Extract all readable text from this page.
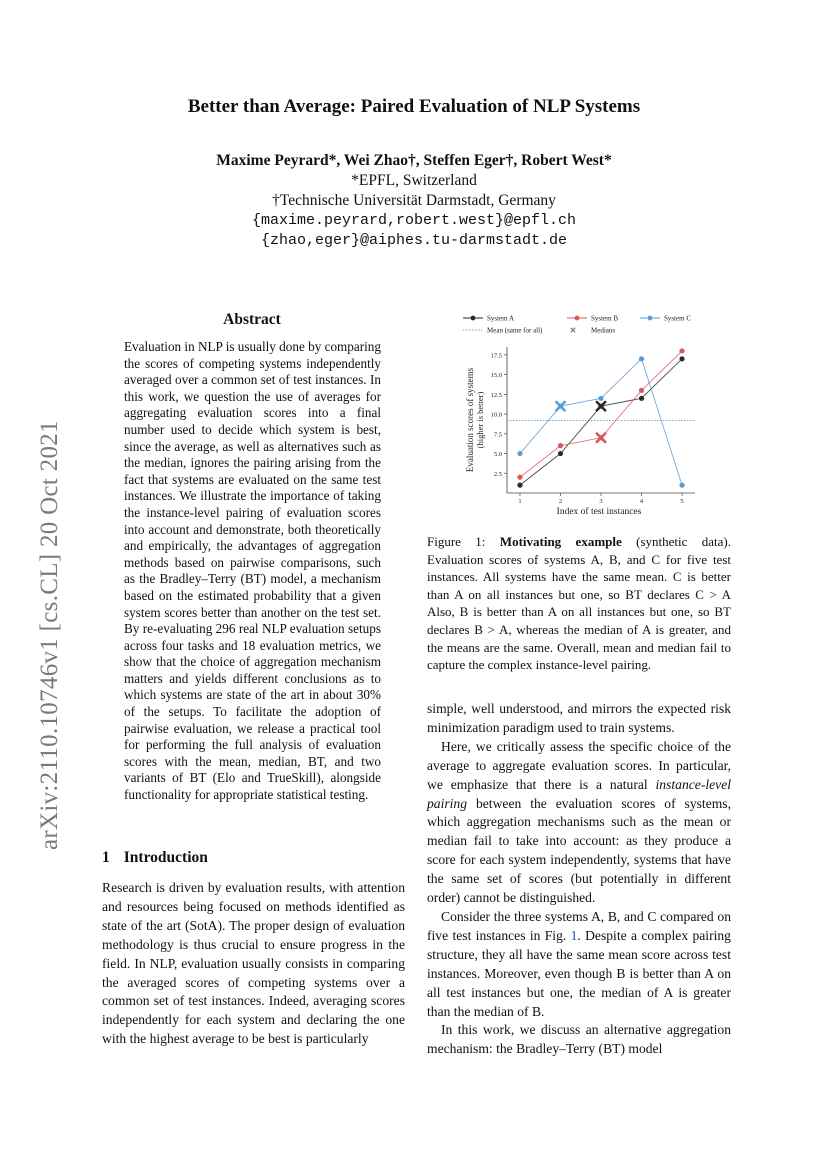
arXiv:2110.10746v1 [cs.CL] 20 Oct 2021
Better than Average: Paired Evaluation of NLP Systems
Maxime Peyrard*, Wei Zhao†, Steffen Eger†, Robert West*
*EPFL, Switzerland
†Technische Universität Darmstadt, Germany
{maxime.peyrard,robert.west}@epfl.ch
{zhao,eger}@aiphes.tu-darmstadt.de
Abstract
Evaluation in NLP is usually done by comparing the scores of competing systems independently averaged over a common set of test instances. In this work, we question the use of averages for aggregating evaluation scores into a final number used to decide which system is best, since the average, as well as alternatives such as the median, ignores the pairing arising from the fact that systems are evaluated on the same test instances. We illustrate the importance of taking the instance-level pairing of evaluation scores into account and demonstrate, both theoretically and empirically, the advantages of aggregation methods based on pairwise comparisons, such as the Bradley–Terry (BT) model, a mechanism based on the estimated probability that a given system scores better than another on the test set. By re-evaluating 296 real NLP evaluation setups across four tasks and 18 evaluation metrics, we show that the choice of aggregation mechanism matters and yields different conclusions as to which systems are state of the art in about 30% of the setups. To facilitate the adoption of pairwise evaluation, we release a practical tool for performing the full analysis of evaluation scores with the mean, median, BT, and two variants of BT (Elo and TrueSkill), alongside functionality for appropriate statistical testing.
1 Introduction

Research is driven by evaluation results, with attention and resources being focused on methods identified as state of the art (SotA). The proper design of evaluation methodology is thus crucial to ensure progress in the field. In NLP, evaluation usually consists in comparing the averaged scores of competing systems over a common set of test instances. Indeed, averaging scores independently for each system and declaring the one with the highest average to be best is particularly

2.5
5.0
7.5
10.0
12.5
15.0
17.5
1	2	3	4	5
Index of test instances
Evaluation scores of systems (higher is better)
System A	System B	System C
Mean (same for all)	Medians
Figure 1: Motivating example (synthetic data). Evaluation scores of systems A, B, and C for five test instances. All systems have the same mean. C is better than A on all instances but one, so BT declares C > A Also, B is better than A on all instances but one, so BT declares B > A, whereas the median of A is greater, and the means are the same. Overall, mean and median fail to capture the complex instance-level pairing.

simple, well understood, and mirrors the expected risk minimization paradigm used to train systems.

Here, we critically assess the specific choice of the average to aggregate evaluation scores. In particular, we emphasize that there is a natural instance-level pairing between the evaluation scores of systems, which aggregation mechanisms such as the mean or median fail to take into account: as they produce a score for each system independently, systems that have the same set of scores (but potentially in different order) cannot be distinguished.

Consider the three systems A, B, and C compared on five test instances in Fig. 1. Despite a complex pairing structure, they all have the same mean score across test instances. Moreover, even though B is better than A on all test instances but one, the median of A is greater than the median of B.

In this work, we discuss an alternative aggregation mechanism: the Bradley–Terry (BT) model
